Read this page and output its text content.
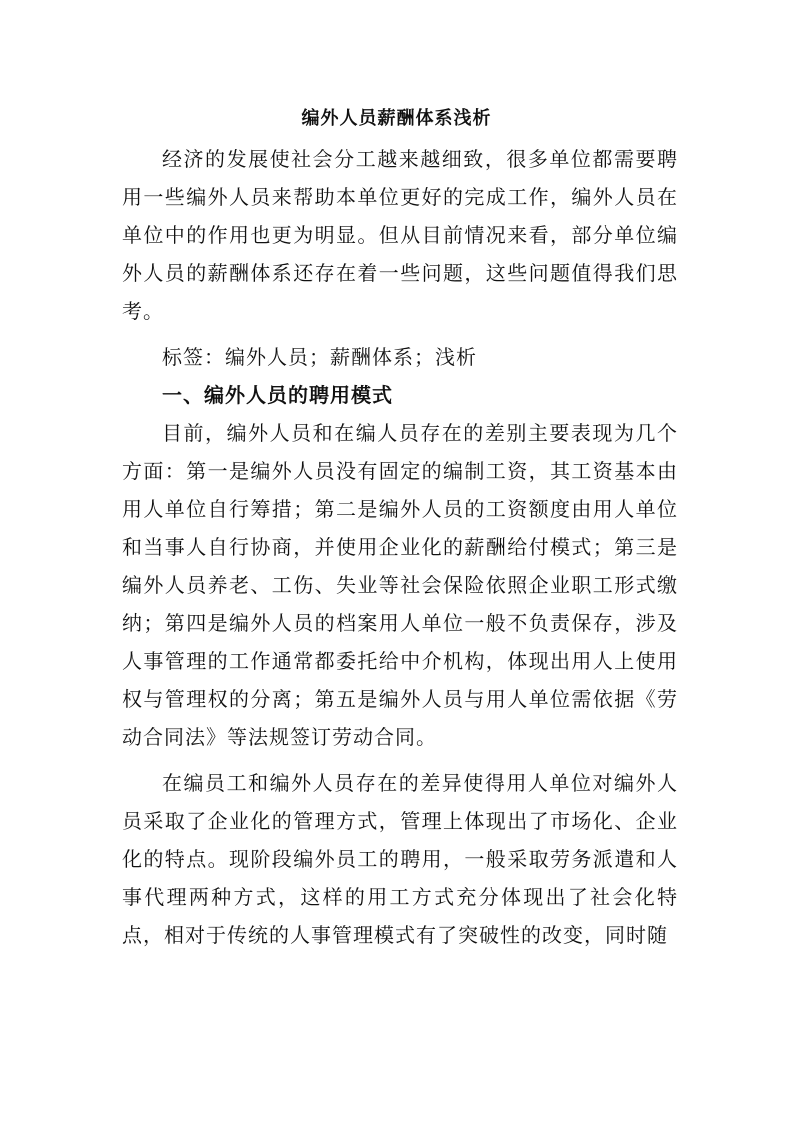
编外人员薪酬体系浅析

经济的发展使社会分工越来越细致，很多单位都需要聘用一些编外人员来帮助本单位更好的完成工作，编外人员在单位中的作用也更为明显。但从目前情况来看，部分单位编外人员的薪酬体系还存在着一些问题，这些问题值得我们思考。

标签：编外人员；薪酬体系；浅析

一、编外人员的聘用模式

目前，编外人员和在编人员存在的差别主要表现为几个方面：第一是编外人员没有固定的编制工资，其工资基本由用人单位自行筹措；第二是编外人员的工资额度由用人单位和当事人自行协商，并使用企业化的薪酬给付模式；第三是编外人员养老、工伤、失业等社会保险依照企业职工形式缴纳；第四是编外人员的档案用人单位一般不负责保存，涉及人事管理的工作通常都委托给中介机构，体现出用人上使用权与管理权的分离；第五是编外人员与用人单位需依据《劳动合同法》等法规签订劳动合同。

在编员工和编外人员存在的差异使得用人单位对编外人员采取了企业化的管理方式，管理上体现出了市场化、企业化的特点。现阶段编外员工的聘用，一般采取劳务派遣和人事代理两种方式，这样的用工方式充分体现出了社会化特点，相对于传统的人事管理模式有了突破性的改变，同时随
